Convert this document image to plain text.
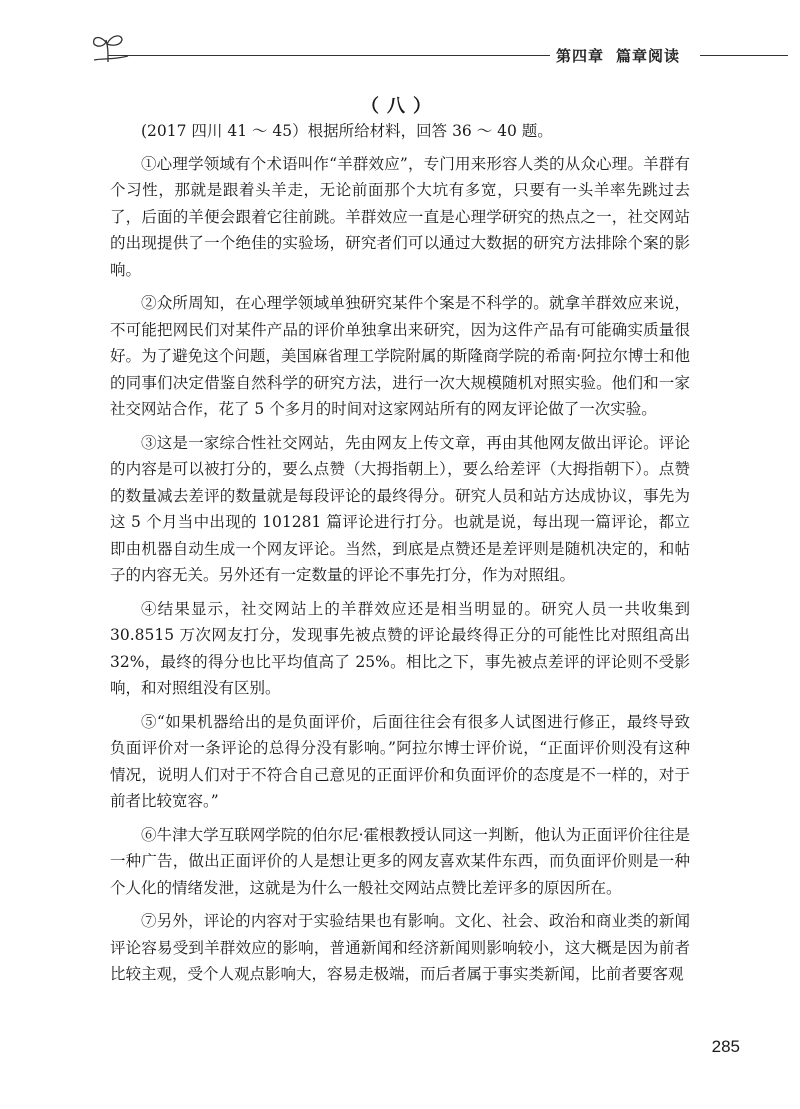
第四章 篇章阅读
（八）

(2017 四川 41 ～ 45）根据所给材料，回答 36 ～ 40 题。

①心理学领域有个术语叫作“羊群效应”，专门用来形容人类的从众心理。羊群有个习性，那就是跟着头羊走，无论前面那个大坑有多宽，只要有一头羊率先跳过去了，后面的羊便会跟着它往前跳。羊群效应一直是心理学研究的热点之一，社交网站的出现提供了一个绝佳的实验场，研究者们可以通过大数据的研究方法排除个案的影响。

②众所周知，在心理学领域单独研究某件个案是不科学的。就拿羊群效应来说，不可能把网民们对某件产品的评价单独拿出来研究，因为这件产品有可能确实质量很好。为了避免这个问题，美国麻省理工学院附属的斯隆商学院的希南·阿拉尔博士和他的同事们决定借鉴自然科学的研究方法，进行一次大规模随机对照实验。他们和一家社交网站合作，花了 5 个多月的时间对这家网站所有的网友评论做了一次实验。

③这是一家综合性社交网站，先由网友上传文章，再由其他网友做出评论。评论的内容是可以被打分的，要么点赞（大拇指朝上），要么给差评（大拇指朝下）。点赞的数量减去差评的数量就是每段评论的最终得分。研究人员和站方达成协议，事先为这 5 个月当中出现的 101281 篇评论进行打分。也就是说，每出现一篇评论，都立即由机器自动生成一个网友评论。当然，到底是点赞还是差评则是随机决定的，和帖子的内容无关。另外还有一定数量的评论不事先打分，作为对照组。

④结果显示，社交网站上的羊群效应还是相当明显的。研究人员一共收集到 30.8515 万次网友打分，发现事先被点赞的评论最终得正分的可能性比对照组高出 32%，最终的得分也比平均值高了 25%。相比之下，事先被点差评的评论则不受影响，和对照组没有区别。

⑤“如果机器给出的是负面评价，后面往往会有很多人试图进行修正，最终导致负面评价对一条评论的总得分没有影响。”阿拉尔博士评价说，“正面评价则没有这种情况，说明人们对于不符合自己意见的正面评价和负面评价的态度是不一样的，对于前者比较宽容。”

⑥牛津大学互联网学院的伯尔尼·霍根教授认同这一判断，他认为正面评价往往是一种广告，做出正面评价的人是想让更多的网友喜欢某件东西，而负面评价则是一种个人化的情绪发泄，这就是为什么一般社交网站点赞比差评多的原因所在。

⑦另外，评论的内容对于实验结果也有影响。文化、社会、政治和商业类的新闻评论容易受到羊群效应的影响，普通新闻和经济新闻则影响较小，这大概是因为前者比较主观，受个人观点影响大，容易走极端，而后者属于事实类新闻，比前者要客观

285
